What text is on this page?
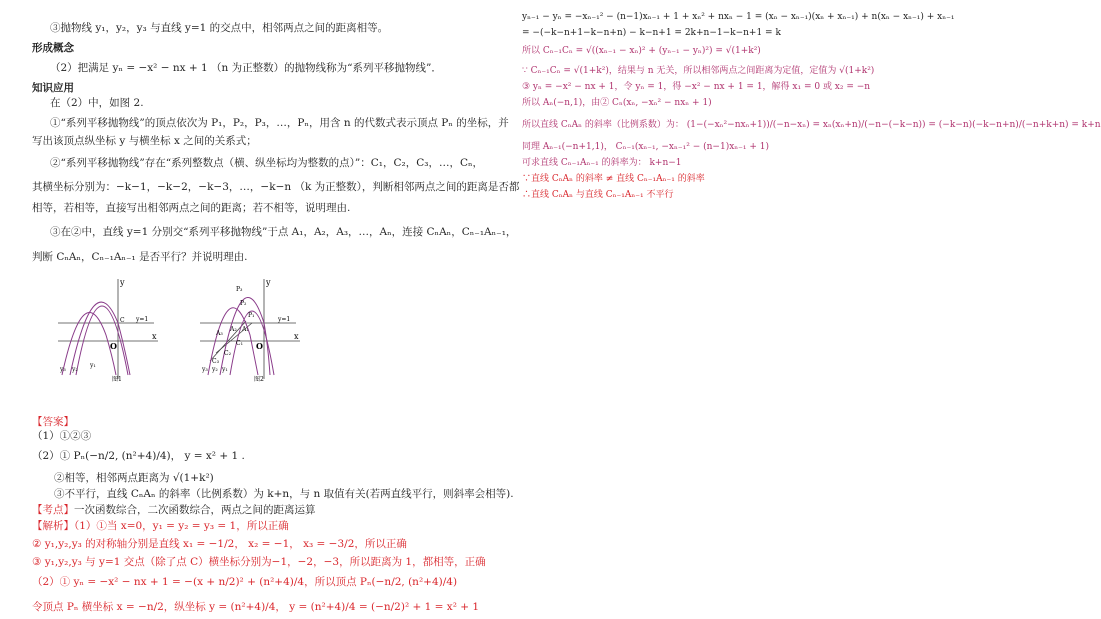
③抛物线 y₁，y₂，y₃ 与直线 y=1 的交点中，相邻两点之间的距离相等。
形成概念
（2）把满足 yₙ = −x² − nx + 1 （n 为正整数）的抛物线称为“系列平移抛物线”．
知识应用
在（2）中，如图 2.
①“系列平移抛物线”的顶点依次为 P₁，P₂，P₃，…，Pₙ，用含 n 的代数式表示顶点 Pₙ 的坐标，并
写出该顶点纵坐标 y 与横坐标 x 之间的关系式；
②“系列平移抛物线”存在“系列整数点（横、纵坐标均为整数的点）”：C₁，C₂，C₃，…，Cₙ，
其横坐标分别为：−k−1，−k−2，−k−3，…，−k−n （k 为正整数），判断相邻两点之间的距离是否都
相等，若相等，直接写出相邻两点之间的距离；若不相等，说明理由.
③在②中，直线 y=1 分别交“系列平移抛物线”于点 A₁，A₂，A₃，…，Aₙ，连接 CₙAₙ，Cₙ₋₁Aₙ₋₁，
判断 CₙAₙ，Cₙ₋₁Aₙ₋₁ 是否平行？并说明理由.
y
x
O
C y=1
y₃ y₂
y₁
图1
y
x
O
y=1
P₃
P₂
P₁
A₃
A₂ A₁
C₁
C₂
C₃
y₃ y₂ y₁
图2
【答案】
（1）①②③
（2）① Pₙ(−n/2, (n²+4)/4)， y = x² + 1 .
②相等，相邻两点距离为 √(1+k²)
③不平行，直线 CₙAₙ 的斜率（比例系数）为 k+n，与 n 取值有关(若两直线平行，则斜率会相等).
【考点】一次函数综合，二次函数综合，两点之间的距离运算
【解析】（1）①当 x=0，y₁ = y₂ = y₃ = 1，所以正确
② y₁,y₂,y₃ 的对称轴分别是直线 x₁ = −1/2， x₂ = −1， x₃ = −3/2，所以正确
③ y₁,y₂,y₃ 与 y=1 交点（除了点 C）横坐标分别为−1，−2，−3，所以距离为 1，都相等，正确
（2）① yₙ = −x² − nx + 1 = −(x + n/2)² + (n²+4)/4，所以顶点 Pₙ(−n/2, (n²+4)/4)
令顶点 Pₙ 横坐标 x = −n/2，纵坐标 y = (n²+4)/4， y = (n²+4)/4 = (−n/2)² + 1 = x² + 1
yₙ₋₁ − yₙ = −xₙ₋₁² − (n−1)xₙ₋₁ + 1 + xₙ² + nxₙ − 1 = (xₙ − xₙ₋₁)(xₙ + xₙ₋₁) + n(xₙ − xₙ₋₁) + xₙ₋₁
= −(−k−n+1−k−n+n) − k−n+1 = 2k+n−1−k−n+1 = k
所以 Cₙ₋₁Cₙ = √((xₙ₋₁ − xₙ)² + (yₙ₋₁ − yₙ)²) = √(1+k²)
∵ Cₙ₋₁Cₙ = √(1+k²)，结果与 n 无关，所以相邻两点之间距离为定值，定值为 √(1+k²)
③ yₙ = −x² − nx + 1，令 yₙ = 1，得 −x² − nx + 1 = 1，解得 x₁ = 0 或 x₂ = −n
所以 Aₙ(−n,1)，由② Cₙ(xₙ, −xₙ² − nxₙ + 1)
所以直线 CₙAₙ 的斜率（比例系数）为： (1−(−xₙ²−nxₙ+1))/(−n−xₙ) = xₙ(xₙ+n)/(−n−(−k−n)) = (−k−n)(−k−n+n)/(−n+k+n) = k+n
同理 Aₙ₋₁(−n+1,1)， Cₙ₋₁(xₙ₋₁, −xₙ₋₁² − (n−1)xₙ₋₁ + 1)
可求直线 Cₙ₋₁Aₙ₋₁ 的斜率为： k+n−1
∵直线 CₙAₙ 的斜率 ≠ 直线 Cₙ₋₁Aₙ₋₁ 的斜率
∴直线 CₙAₙ 与直线 Cₙ₋₁Aₙ₋₁ 不平行
